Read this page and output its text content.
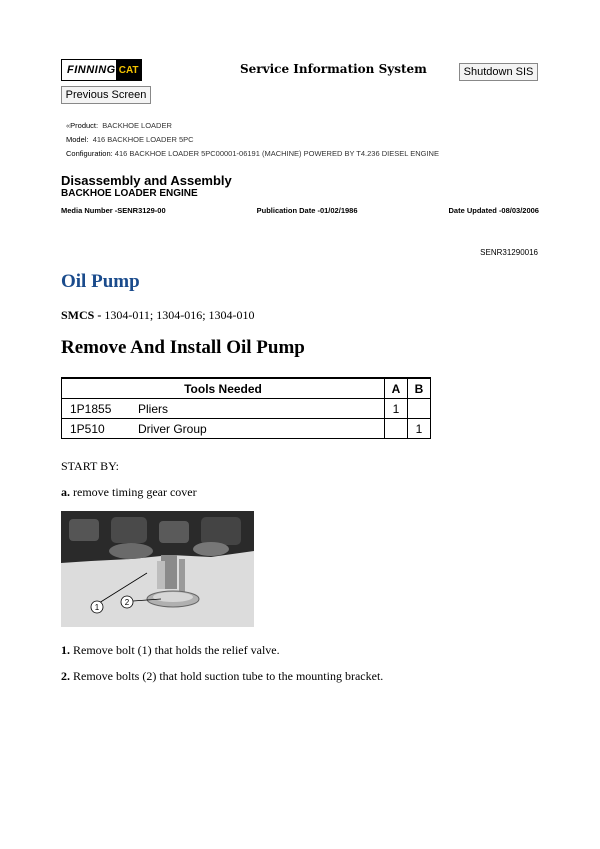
FINNING CAT	Service Information System	Shutdown SIS
Previous Screen
«Product: BACKHOE LOADER
Model: 416 BACKHOE LOADER 5PC
Configuration: 416 BACKHOE LOADER 5PC00001-06191 (MACHINE) POWERED BY T4.236 DIESEL ENGINE
Disassembly and Assembly
BACKHOE LOADER ENGINE
Media Number -SENR3129-00	Publication Date -01/02/1986	Date Updated -08/03/2006
SENR31290016
Oil Pump
SMCS - 1304-011; 1304-016; 1304-010
Remove And Install Oil Pump
Tools Needed		A	B
1P1855	Pliers	1	
1P510	Driver Group		1
START BY:
a. remove timing gear cover
1
2
1. Remove bolt (1) that holds the relief valve.
2. Remove bolts (2) that hold suction tube to the mounting bracket.
